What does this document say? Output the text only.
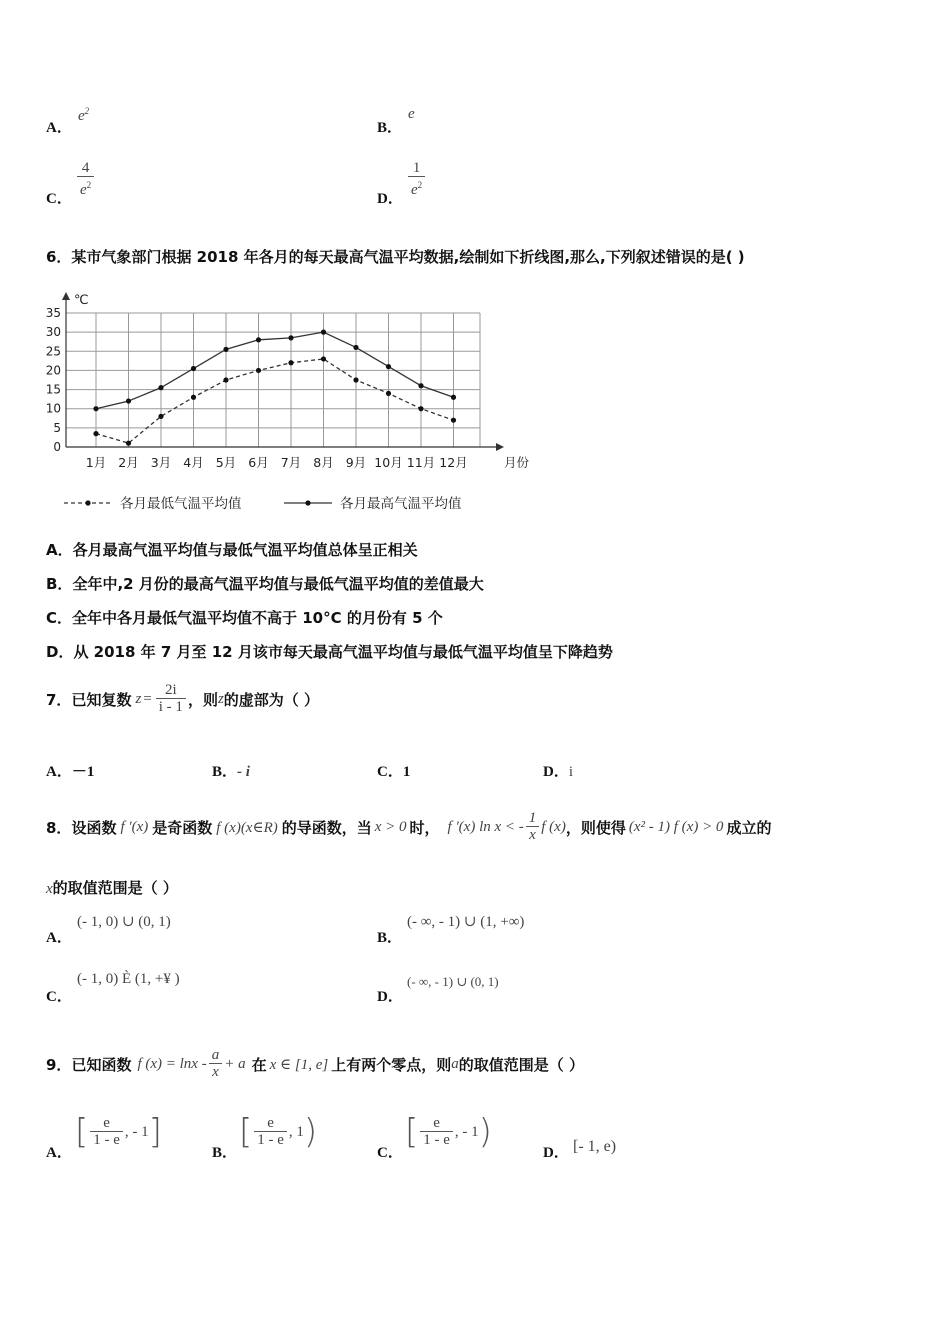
A．
$e^2$
B．
e
C． $\frac{4}{e^2}$	D． $\frac{1}{e^2}$
6．某市气象部门根据 2018 年各月的每天最高气温平均数据,绘制如下折线图,那么,下列叙述错误的是( )
0
5
10
15
20
25
30
35
℃
1月 2月 3月 4月 5月 6月 7月 8月 9月 10月 11月 12月	月份
各月最低气温平均值	各月最高气温平均值
A．各月最高气温平均值与最低气温平均值总体呈正相关
B．全年中,2 月份的最高气温平均值与最低气温平均值的差值最大
C．全年中各月最低气温平均值不高于 10°C 的月份有 5 个
D．从 2018 年 7 月至 12 月该市每天最高气温平均值与最低气温平均值呈下降趋势
7． 已知复数 $z = \frac{2i}{i - 1}$ ，则 z 的虚部为（ ）
A．－1	B．- i	C．1	D．i
8． 设函数 f '(x) 是奇函数 f (x)(x∈R) 的导函数，当 x > 0 时， f '(x) ln x < - $\frac{1}{x}$ f (x) ，则使得 (x² - 1) f (x) > 0 成立的
x的取值范围是（ ）
A．
(- 1, 0) ∪ (0, 1)
B．
(- ∞, - 1) ∪ (1, +∞)
C．
(- 1, 0) È (1, +¥ )
D．
(- ∞, - 1) ∪ (0, 1)
9． 已知函数 f $(x) = \ln x - \frac{a}{x} + a$ 在 x ∈ [1, e] 上有两个零点，则 a 的取值范围是（ ）
A．
[ $\frac{e}{1 - e}$ , - 1 ]
B．
[ $\frac{e}{1 - e}$ , 1 )
C．
[ $\frac{e}{1 - e}$ , - 1 )
D． [- 1, e)
